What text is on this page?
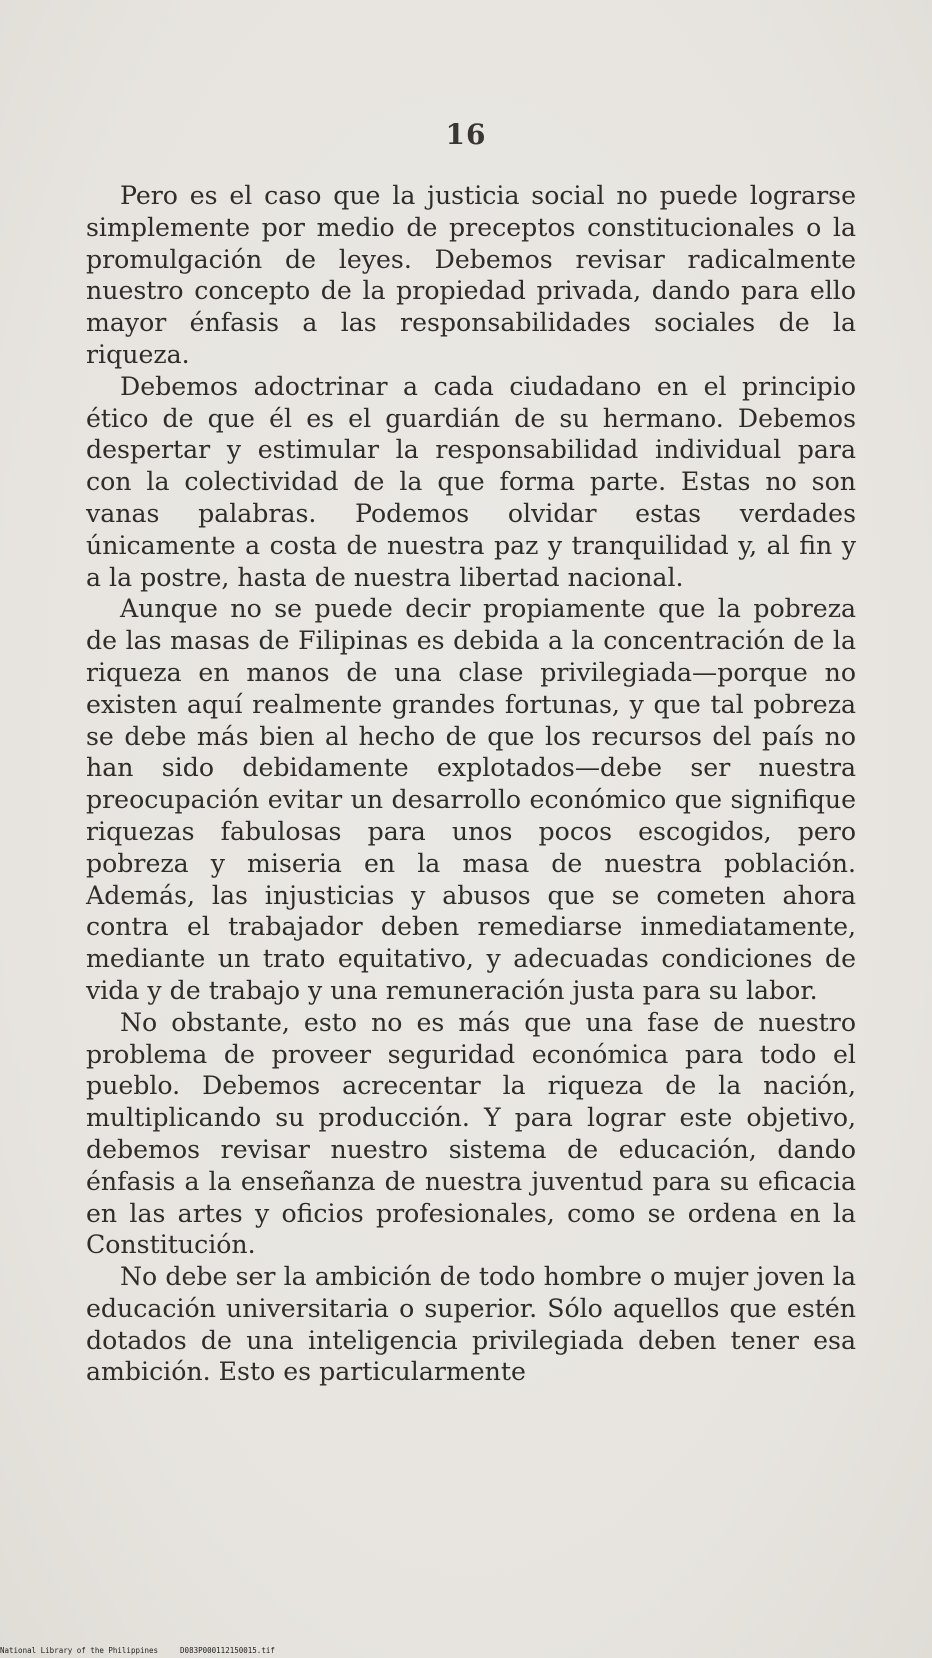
16

Pero es el caso que la justicia social no puede lograrse simplemente por medio de preceptos constitucionales o la promulgación de leyes. Debemos revisar radicalmente nuestro concepto de la propiedad privada, dando para ello mayor énfasis a las responsabilidades sociales de la riqueza.

Debemos adoctrinar a cada ciudadano en el principio ético de que él es el guardián de su hermano. Debemos despertar y estimular la responsabilidad individual para con la colectividad de la que forma parte. Estas no son vanas palabras. Podemos olvidar estas verdades únicamente a costa de nuestra paz y tranquilidad y, al fin y a la postre, hasta de nuestra libertad nacional.

Aunque no se puede decir propiamente que la pobreza de las masas de Filipinas es debida a la concentración de la riqueza en manos de una clase privilegiada—porque no existen aquí realmente grandes fortunas, y que tal pobreza se debe más bien al hecho de que los recursos del país no han sido debidamente explotados—debe ser nuestra preocupación evitar un desarrollo económico que signifique riquezas fabulosas para unos pocos escogidos, pero pobreza y miseria en la masa de nuestra población. Además, las injusticias y abusos que se cometen ahora contra el trabajador deben remediarse inmediatamente, mediante un trato equitativo, y adecuadas condiciones de vida y de trabajo y una remuneración justa para su labor.

No obstante, esto no es más que una fase de nuestro problema de proveer seguridad económica para todo el pueblo. Debemos acrecentar la riqueza de la nación, multiplicando su producción. Y para lograr este objetivo, debemos revisar nuestro sistema de educación, dando énfasis a la enseñanza de nuestra juventud para su eficacia en las artes y oficios profesionales, como se ordena en la Constitución.

No debe ser la ambición de todo hombre o mujer joven la educación universitaria o superior. Sólo aquellos que estén dotados de una inteligencia privilegiada deben tener esa ambición. Esto es particularmente

National Library of the Philippines	D083P000112150015.tif
